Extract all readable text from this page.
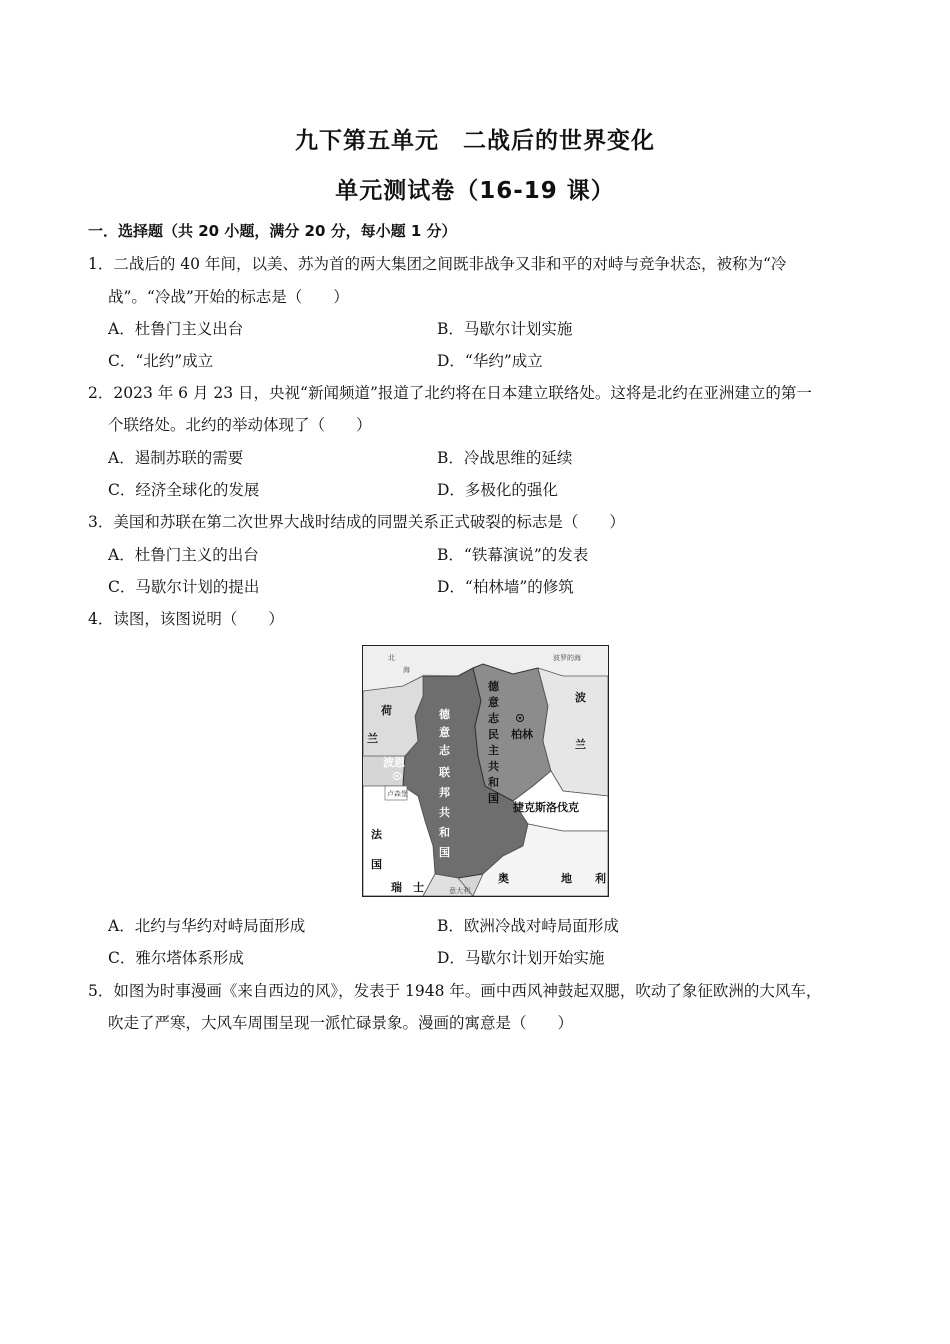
九下第五单元　二战后的世界变化
单元测试卷（16-19 课）
一．选择题（共 20 小题，满分 20 分，每小题 1 分）
1．二战后的 40 年间，以美、苏为首的两大集团之间既非战争又非和平的对峙与竞争状态，被称为“冷
战”。“冷战”开始的标志是（　　）
A．杜鲁门主义出台	B．马歇尔计划实施
C．“北约”成立	D．“华约”成立
2．2023 年 6 月 23 日，央视“新闻频道”报道了北约将在日本建立联络处。这将是北约在亚洲建立的第一
个联络处。北约的举动体现了（　　）
A．遏制苏联的需要	B．冷战思维的延续
C．经济全球化的发展	D．多极化的强化
3．美国和苏联在第二次世界大战时结成的同盟关系正式破裂的标志是（　　）
A．杜鲁门主义的出台	B．“铁幕演说”的发表
C．马歇尔计划的提出	D．“柏林墙”的修筑
4．读图，该图说明（　　）
北
海
波罗的海
荷
兰
德
意
志
联
邦
共
和
国
德
意
志
民
主
共
和
国
柏林
波恩
卢森堡
波
兰
捷克斯洛伐克
法
国
瑞　士
奥	地 利
意大利
A．北约与华约对峙局面形成	B．欧洲冷战对峙局面形成
C．雅尔塔体系形成	D．马歇尔计划开始实施
5．如图为时事漫画《来自西边的风》，发表于 1948 年。画中西风神鼓起双腮，吹动了象征欧洲的大风车，
吹走了严寒，大风车周围呈现一派忙碌景象。漫画的寓意是（　　）
